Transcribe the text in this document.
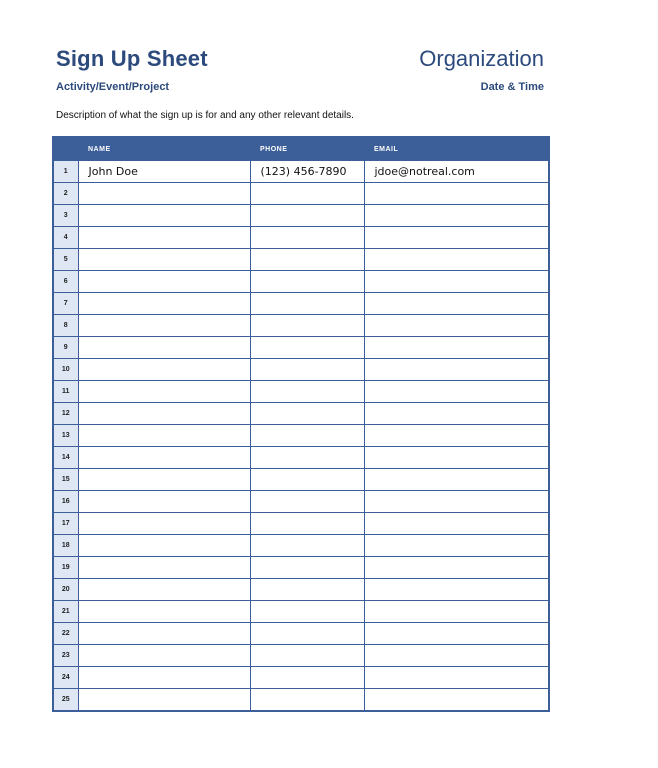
Sign Up Sheet	Organization
Activity/Event/Project	Date & Time
Description of what the sign up is for and any other relevant details.
	NAME	PHONE	EMAIL
1	John Doe	(123) 456-7890	jdoe@notreal.com
2			
3			
4			
5			
6			
7			
8			
9			
10			
11			
12			
13			
14			
15			
16			
17			
18			
19			
20			
21			
22			
23			
24			
25			
